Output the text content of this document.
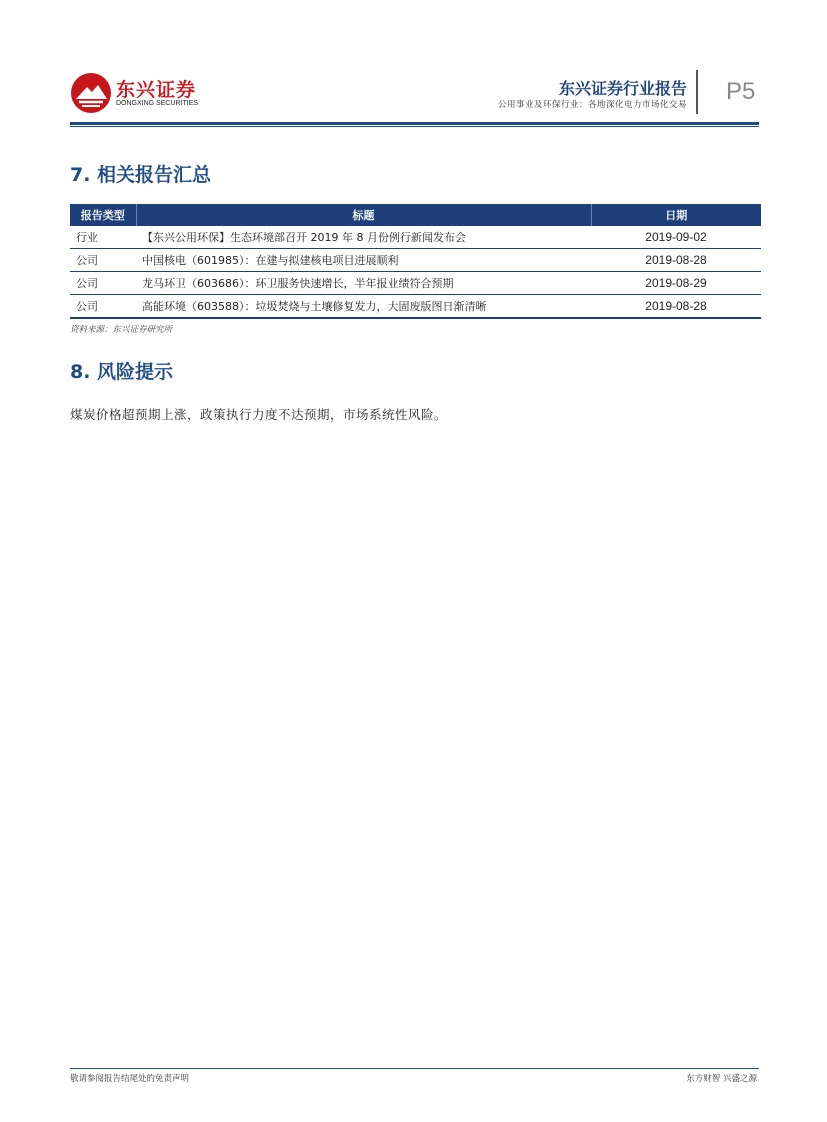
东兴证券
DONGXING SECURITIES
东兴证券行业报告
公用事业及环保行业：各地深化电力市场化交易 P5
7. 相关报告汇总
报告类型	标题	日期
行业	【东兴公用环保】生态环境部召开 2019 年 8 月份例行新闻发布会	2019-09-02
公司	中国核电（601985）：在建与拟建核电项目进展顺利	2019-08-28
公司	龙马环卫（603686）：环卫服务快速增长，半年报业绩符合预期	2019-08-29
公司	高能环境（603588）：垃圾焚烧与土壤修复发力，大固废版图日渐清晰	2019-08-28
资料来源：东兴证券研究所
8. 风险提示
煤炭价格超预期上涨，政策执行力度不达预期，市场系统性风险。
敬请参阅报告结尾处的免责声明	东方财智 兴盛之源
